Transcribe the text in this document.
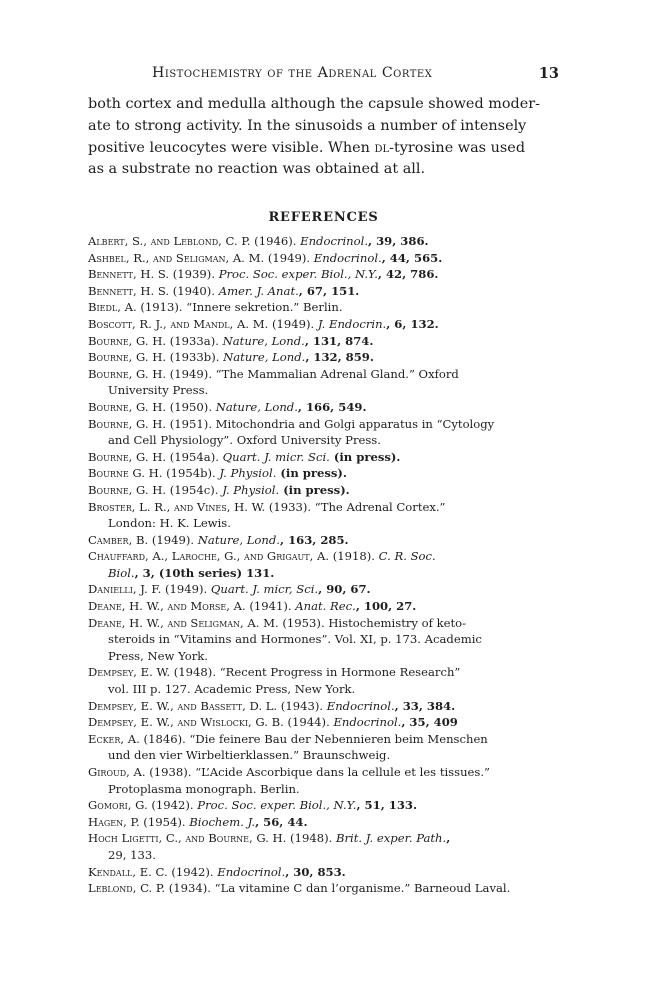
Histochemistry of the Adrenal Cortex	13
both cortex and medulla although the capsule showed moder-
ate to strong activity. In the sinusoids a number of intensely
positive leucocytes were visible. When dl-tyrosine was used
as a substrate no reaction was obtained at all.
REFERENCES
Albert, S., and Leblond, C. P. (1946). Endocrinol., 39, 386.
Ashbel, R., and Seligman, A. M. (1949). Endocrinol., 44, 565.
Bennett, H. S. (1939). Proc. Soc. exper. Biol., N.Y., 42, 786.
Bennett, H. S. (1940). Amer. J. Anat., 67, 151.
Biedl, A. (1913). “Innere sekretion.” Berlin.
Boscott, R. J., and Mandl, A. M. (1949). J. Endocrin., 6, 132.
Bourne, G. H. (1933a). Nature, Lond., 131, 874.
Bourne, G. H. (1933b). Nature, Lond., 132, 859.
Bourne, G. H. (1949). “The Mammalian Adrenal Gland.” Oxford
University Press.
Bourne, G. H. (1950). Nature, Lond., 166, 549.
Bourne, G. H. (1951). Mitochondria and Golgi apparatus in “Cytology
and Cell Physiology”. Oxford University Press.
Bourne, G. H. (1954a). Quart. J. micr. Sci. (in press).
Bourne G. H. (1954b). J. Physiol. (in press).
Bourne, G. H. (1954c). J. Physiol. (in press).
Broster, L. R., and Vines, H. W. (1933). “The Adrenal Cortex.”
London: H. K. Lewis.
Camber, B. (1949). Nature, Lond., 163, 285.
Chauffard, A., Laroche, G., and Grigaut, A. (1918). C. R. Soc.
Biol., 3, (10th series) 131.
Danielli, J. F. (1949). Quart. J. micr, Sci., 90, 67.
Deane, H. W., and Morse, A. (1941). Anat. Rec., 100, 27.
Deane, H. W., and Seligman, A. M. (1953). Histochemistry of keto-
steroids in “Vitamins and Hormones”. Vol. XI, p. 173. Academic
Press, New York.
Dempsey, E. W. (1948). “Recent Progress in Hormone Research”
vol. III p. 127. Academic Press, New York.
Dempsey, E. W., and Bassett, D. L. (1943). Endocrinol., 33, 384.
Dempsey, E. W., and Wislocki, G. B. (1944). Endocrinol., 35, 409
Ecker, A. (1846). “Die feinere Bau der Nebennieren beim Menschen
und den vier Wirbeltierklassen.” Braunschweig.
Giroud, A. (1938). “L’Acide Ascorbique dans la cellule et les tissues.”
Protoplasma monograph. Berlin.
Gomori, G. (1942). Proc. Soc. exper. Biol., N.Y., 51, 133.
Hagen, P. (1954). Biochem. J., 56, 44.
Hoch Ligetti, C., and Bourne, G. H. (1948). Brit. J. exper. Path.,
29, 133.
Kendall, E. C. (1942). Endocrinol., 30, 853.
Leblond, C. P. (1934). “La vitamine C dan l’organisme.” Barneoud Laval.
